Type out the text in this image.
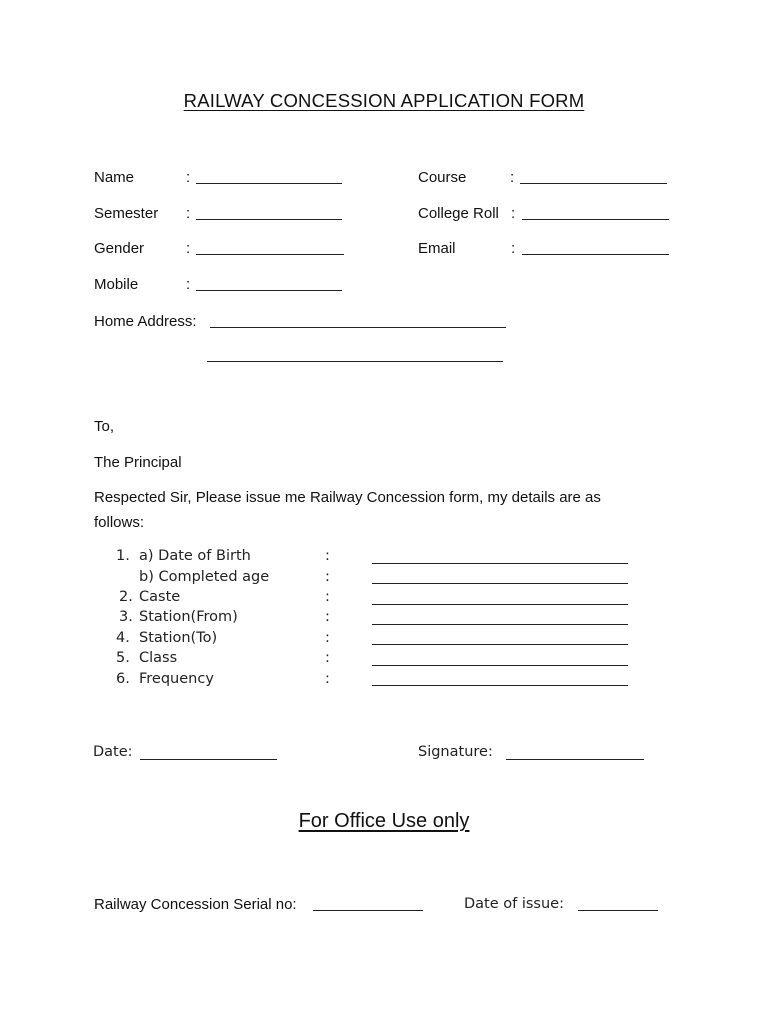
RAILWAY CONCESSION APPLICATION FORM
Name	:	Course	:
Semester :	College Roll :
Gender	:	Email	:
Mobile	:
Home Address:
To,
The Principal
Respected Sir, Please issue me Railway Concession form, my details are as
follows:
1. a) Date of Birth	:
b) Completed age	:
2. Caste	:
3. Station(From)	:
4. Station(To)	:
5. Class	:
6. Frequency	:
Date:	Signature:
For Office Use only
Railway Concession Serial no:	Date of issue:
